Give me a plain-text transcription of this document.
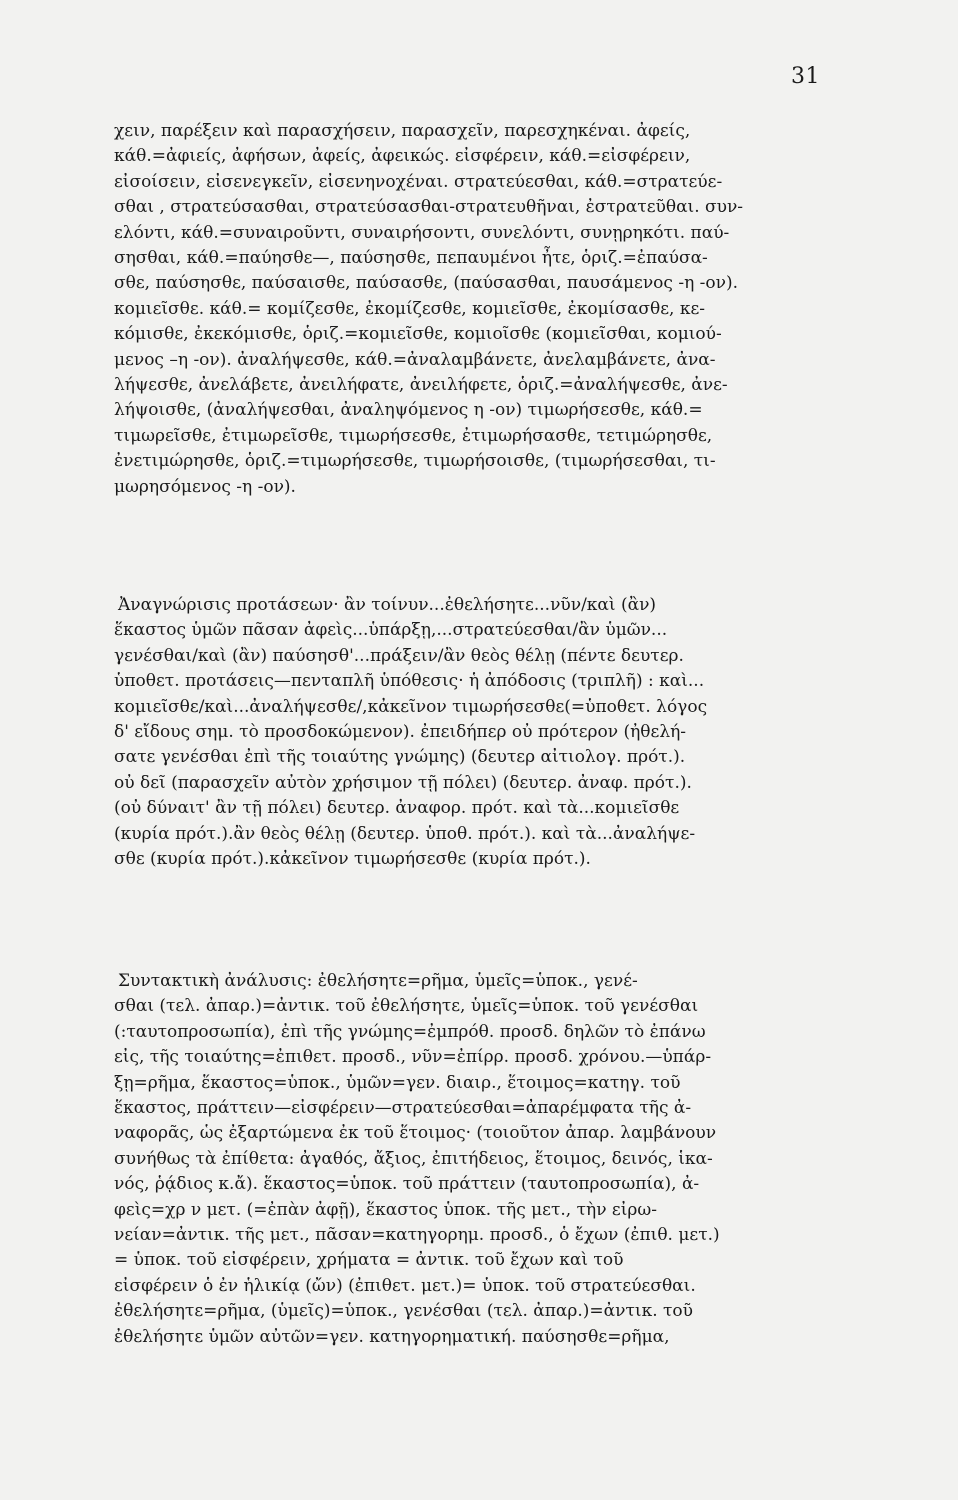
31
χειν, παρέξειν καὶ παρασχήσειν, παρασχεῖν, παρεσχηκέναι. ἀφείς,
κάθ.=ἀφιείς, ἀφήσων, ἀφείς, ἀφεικώς. εἰσφέρειν, κάθ.=εἰσφέρειν,
εἰσοίσειν, εἰσενεγκεῖν, εἰσενηνοχέναι. στρατεύεσθαι, κάθ.=στρατεύε-
σθαι , στρατεύσασθαι, στρατεύσασθαι-στρατευθῆναι, ἐστρατεῦθαι. συν-
ελόντι, κάθ.=συναιροῦντι, συναιρήσοντι, συνελόντι, συνῃρηκότι. παύ-
σησθαι, κάθ.=παύησθε—, παύσησθε, πεπαυμένοι ἦτε, ὁριζ.=ἐπαύσα-
σθε, παύσησθε, παύσαισθε, παύσασθε, (παύσασθαι, παυσάμενος -η -ον).
κομιεῖσθε. κάθ.= κομίζεσθε, ἐκομίζεσθε, κομιεῖσθε, ἐκομίσασθε, κε-
κόμισθε, ἐκεκόμισθε, ὁριζ.=κομιεῖσθε, κομιοῖσθε (κομιεῖσθαι, κομιού-
μενος –η -ον). ἀναλήψεσθε, κάθ.=ἀναλαμβάνετε, ἀνελαμβάνετε, ἀνα-
λήψεσθε, ἀνελάβετε, ἀνειλήφατε, ἀνειλήφετε, ὁριζ.=ἀναλήψεσθε, ἀνε-
λήψοισθε, (ἀναλήψεσθαι, ἀναληψόμενος η -ον) τιμωρήσεσθε, κάθ.=
τιμωρεῖσθε, ἐτιμωρεῖσθε, τιμωρήσεσθε, ἐτιμωρήσασθε, τετιμώρησθε,
ἐνετιμώρησθε, ὁριζ.=τιμωρήσεσθε, τιμωρήσοισθε, (τιμωρήσεσθαι, τι-
μωρησόμενος -η -ον).
Ἀναγνώρισις προτάσεων· ἂν τοίνυν...ἐθελήσητε...νῦν/καὶ (ἂν)
ἕκαστος ὑμῶν πᾶσαν ἀφεὶς...ὑπάρξῃ,...στρατεύεσθαι/ἂν ὑμῶν...
γενέσθαι/καὶ (ἂν) παύσησθ'...πράξειν/ἂν θεὸς θέλῃ (πέντε δευτερ.
ὑποθετ. προτάσεις—πενταπλῆ ὑπόθεσις· ἡ ἀπόδοσις (τριπλῆ) : καὶ...
κομιεῖσθε/καὶ...ἀναλήψεσθε/,κἀκεῖνον τιμωρήσεσθε(=ὑποθετ. λόγος
δ' εἴδους σημ. τὸ προσδοκώμενον). ἐπειδήπερ οὐ πρότερον (ἠθελή-
σατε γενέσθαι ἐπὶ τῆς τοιαύτης γνώμης) (δευτερ αἰτιολογ. πρότ.).
οὐ δεῖ (παρασχεῖν αὐτὸν χρήσιμον τῇ πόλει) (δευτερ. ἀναφ. πρότ.).
(οὐ δύναιτ' ἂν τῇ πόλει) δευτερ. ἀναφορ. πρότ. καὶ τὰ...κομιεῖσθε
(κυρία πρότ.).ἂν θεὸς θέλῃ (δευτερ. ὑποθ. πρότ.). καὶ τὰ...ἀναλήψε-
σθε (κυρία πρότ.).κἀκεῖνον τιμωρήσεσθε (κυρία πρότ.).
Συντακτικὴ ἀνάλυσις: ἐθελήσητε=ρῆμα, ὑμεῖς=ὑποκ., γενέ-
σθαι (τελ. ἀπαρ.)=ἀντικ. τοῦ ἐθελήσητε, ὑμεῖς=ὑποκ. τοῦ γενέσθαι
(:ταυτοπροσωπία), ἐπὶ τῆς γνώμης=ἐμπρόθ. προσδ. δηλῶν τὸ ἐπάνω
εἰς, τῆς τοιαύτης=ἐπιθετ. προσδ., νῦν=ἐπίρρ. προσδ. χρόνου.—ὑπάρ-
ξῃ=ρῆμα, ἕκαστος=ὑποκ., ὑμῶν=γεν. διαιρ., ἕτοιμος=κατηγ. τοῦ
ἕκαστος, πράττειν—εἰσφέρειν—στρατεύεσθαι=ἀπαρέμφατα τῆς ἀ-
ναφορᾶς, ὡς ἐξαρτώμενα ἐκ τοῦ ἕτοιμος· (τοιοῦτον ἀπαρ. λαμβάνουν
συνήθως τὰ ἐπίθετα: ἀγαθός, ἄξιος, ἐπιτήδειος, ἕτοιμος, δεινός, ἱκα-
νός, ῥᾴδιος κ.ἄ). ἕκαστος=ὑποκ. τοῦ πράττειν (ταυτοπροσωπία), ἀ-
φεὶς=χρ ν μετ. (=ἐπὰν ἀφῇ), ἕκαστος ὑποκ. τῆς μετ., τὴν εἰρω-
νείαν=ἀντικ. τῆς μετ., πᾶσαν=κατηγορημ. προσδ., ὁ ἔχων (ἐπιθ. μετ.)
= ὑποκ. τοῦ εἰσφέρειν, χρήματα = ἀντικ. τοῦ ἔχων καὶ τοῦ
εἰσφέρειν ὁ ἐν ἡλικίᾳ (ὤν) (ἐπιθετ. μετ.)= ὑποκ. τοῦ στρατεύεσθαι.
ἐθελήσητε=ρῆμα, (ὑμεῖς)=ὑποκ., γενέσθαι (τελ. ἀπαρ.)=ἀντικ. τοῦ
ἐθελήσητε ὑμῶν αὐτῶν=γεν. κατηγορηματική. παύσησθε=ρῆμα,
